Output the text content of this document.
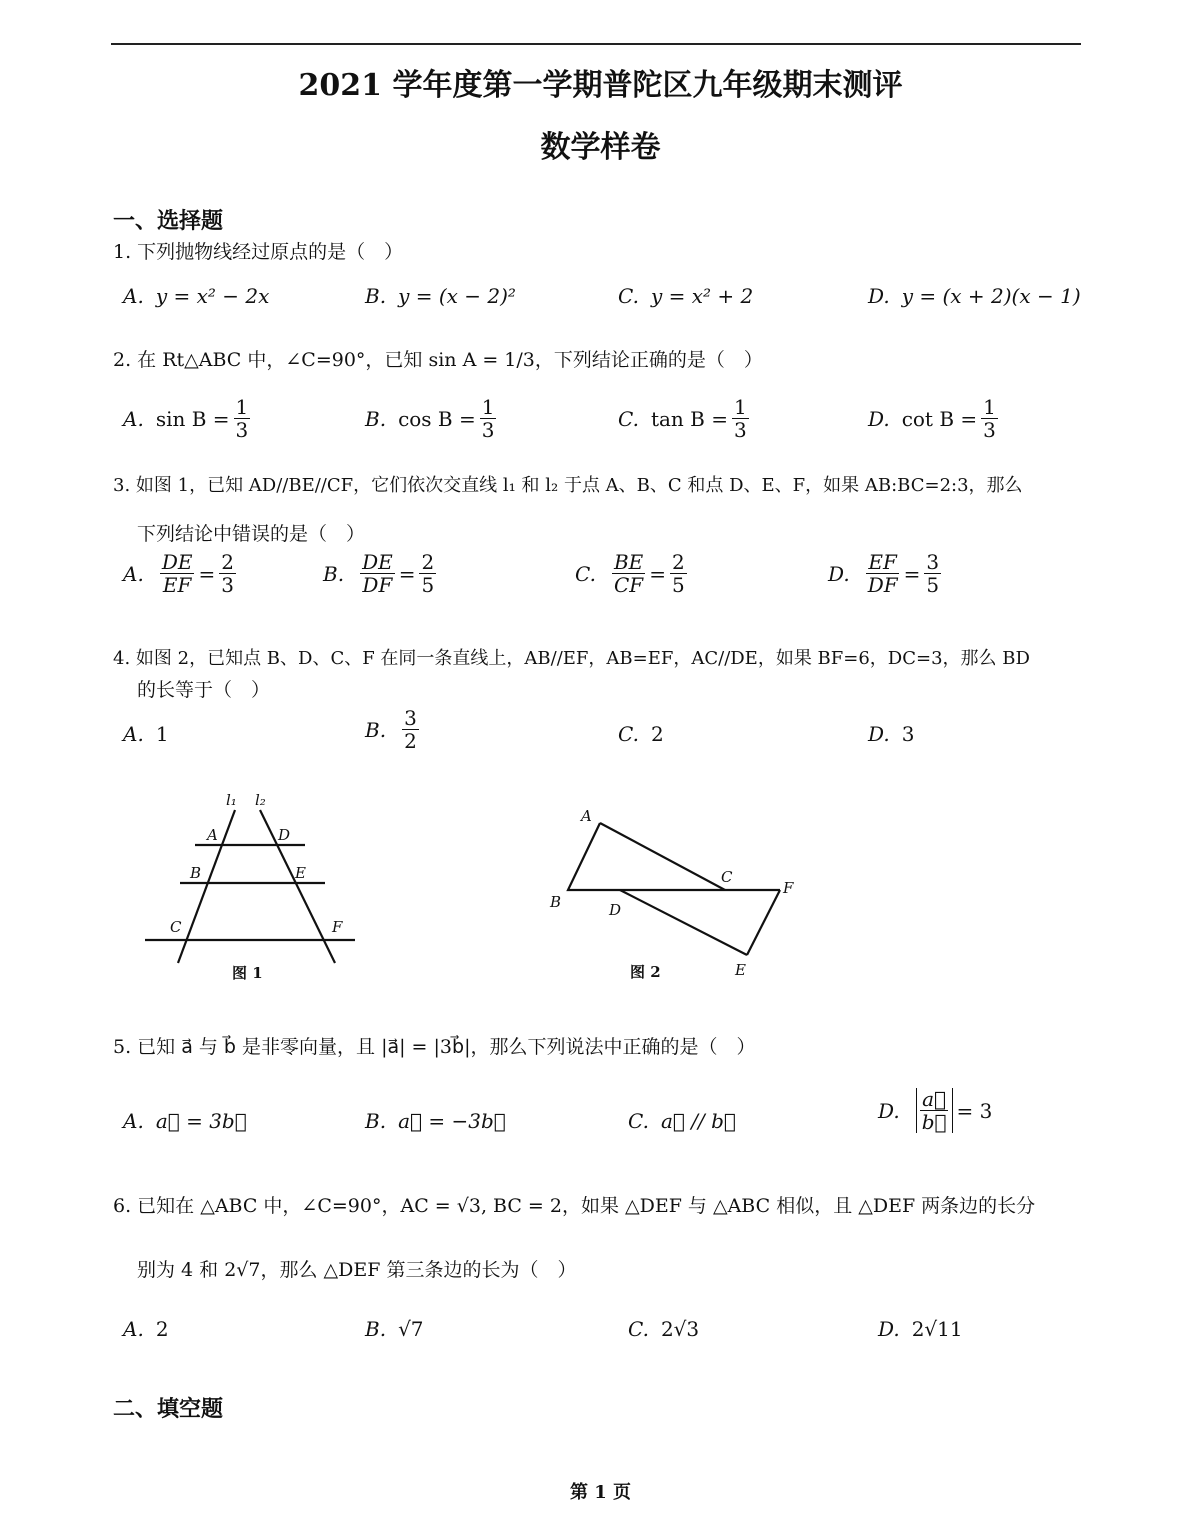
2021 学年度第一学期普陀区九年级期末测评
数学样卷
一、选择题
1. 下列抛物线经过原点的是（　）
A. y = x² − 2x	B. y = (x − 2)²	C. y = x² + 2	D. y = (x + 2)(x − 1)
2. 在 Rt△ABC 中，∠C=90°，已知 sin A = 1/3，下列结论正确的是（　）
A. $\sin B = \frac{1}{3}$	B. $\cos B = \frac{1}{3}$	C. $\tan B = \frac{1}{3}$	D. $\cot B = \frac{1}{3}$
3. 如图 1，已知 AD//BE//CF，它们依次交直线 l₁ 和 l₂ 于点 A、B、C 和点 D、E、F，如果 AB:BC=2:3，那么
下列结论中错误的是（　）
A. $\frac{DE}{EF} = \frac{2}{3}$	B. $\frac{DE}{DF} = \frac{2}{5}$	C. $\frac{BE}{CF} = \frac{2}{5}$	D. $\frac{EF}{DF} = \frac{3}{5}$
4. 如图 2，已知点 B、D、C、F 在同一条直线上，AB//EF，AB=EF，AC//DE，如果 BF=6，DC=3，那么 BD
的长等于（　）
A. 1	B. $\frac{3}{2}$	C. 2	D. 3
l₁ l₂
A	D
B	E
C	F
图 1
A
B
C
D
E
F
图 2
5. 已知 a⃗ 与 b⃗ 是非零向量，且 |a⃗| = |3b⃗|，那么下列说法中正确的是（　）
A. a⃗ = 3b⃗	B. a⃗ = −3b⃗	C. a⃗ // b⃗	D. $\frac{a⃗}{b⃗} = 3$
6. 已知在 △ABC 中，∠C=90°，AC = √3, BC = 2，如果 △DEF 与 △ABC 相似，且 △DEF 两条边的长分
别为 4 和 2√7，那么 △DEF 第三条边的长为（　）
A. 2	B. √7	C. 2√3	D. 2√11
二、填空题
第 1 页
